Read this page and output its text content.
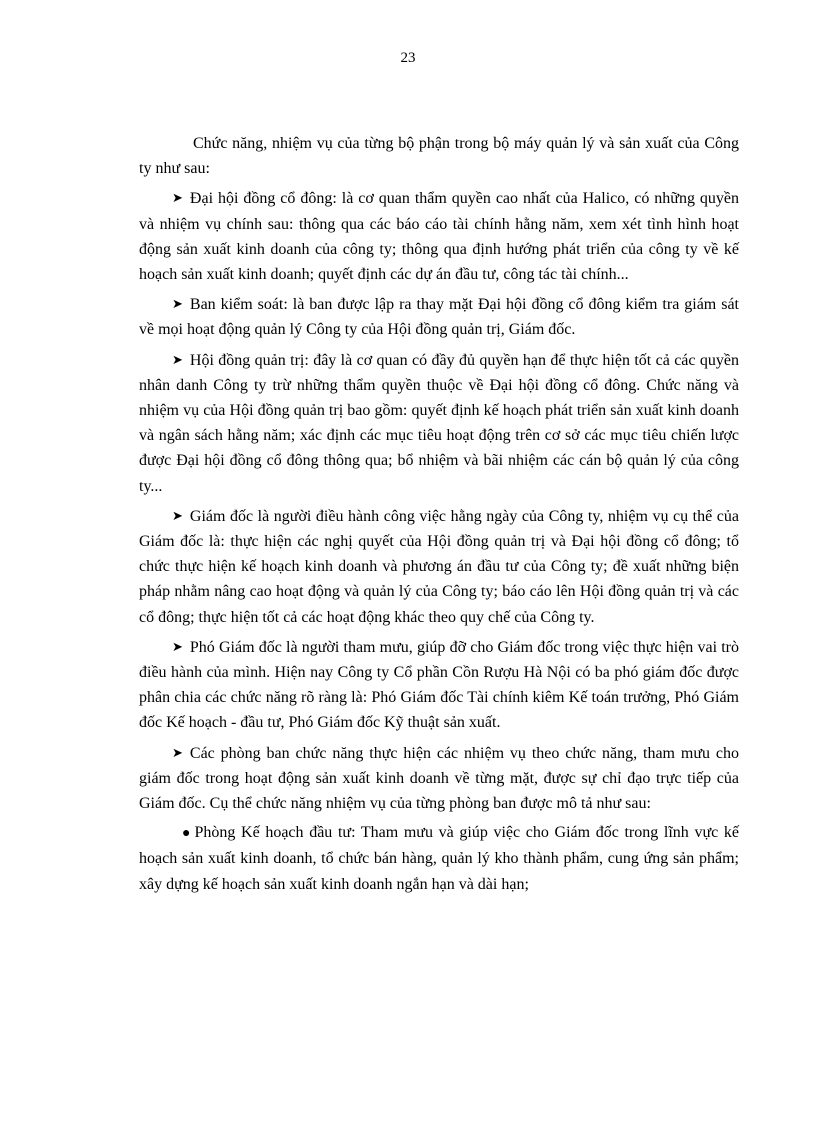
23

Chức năng, nhiệm vụ của từng bộ phận trong bộ máy quản lý và sản xuất của Công ty như sau:

➤ Đại hội đồng cổ đông: là cơ quan thẩm quyền cao nhất của Halico, có những quyền và nhiệm vụ chính sau: thông qua các báo cáo tài chính hằng năm, xem xét tình hình hoạt động sản xuất kinh doanh của công ty; thông qua định hướng phát triển của công ty về kế hoạch sản xuất kinh doanh; quyết định các dự án đầu tư, công tác tài chính...

➤ Ban kiểm soát: là ban được lập ra thay mặt Đại hội đồng cổ đông kiểm tra giám sát về mọi hoạt động quản lý Công ty của Hội đồng quản trị, Giám đốc.

➤ Hội đồng quản trị: đây là cơ quan có đầy đủ quyền hạn để thực hiện tốt cả các quyền nhân danh Công ty trừ những thẩm quyền thuộc về Đại hội đồng cổ đông. Chức năng và nhiệm vụ của Hội đồng quản trị bao gồm: quyết định kế hoạch phát triển sản xuất kinh doanh và ngân sách hằng năm; xác định các mục tiêu hoạt động trên cơ sở các mục tiêu chiến lược được Đại hội đồng cổ đông thông qua; bổ nhiệm và bãi nhiệm các cán bộ quản lý của công ty...

➤ Giám đốc là người điều hành công việc hằng ngày của Công ty, nhiệm vụ cụ thể của Giám đốc là: thực hiện các nghị quyết của Hội đồng quản trị và Đại hội đồng cổ đông; tổ chức thực hiện kế hoạch kinh doanh và phương án đầu tư của Công ty; đề xuất những biện pháp nhằm nâng cao hoạt động và quản lý của Công ty; báo cáo lên Hội đồng quản trị và các cổ đông; thực hiện tốt cả các hoạt động khác theo quy chế của Công ty.

➤ Phó Giám đốc là người tham mưu, giúp đỡ cho Giám đốc trong việc thực hiện vai trò điều hành của mình. Hiện nay Công ty Cổ phần Cồn Rượu Hà Nội có ba phó giám đốc được phân chia các chức năng rõ ràng là: Phó Giám đốc Tài chính kiêm Kế toán trưởng, Phó Giám đốc Kế hoạch - đầu tư, Phó Giám đốc Kỹ thuật sản xuất.

➤ Các phòng ban chức năng thực hiện các nhiệm vụ theo chức năng, tham mưu cho giám đốc trong hoạt động sản xuất kinh doanh về từng mặt, được sự chỉ đạo trực tiếp của Giám đốc. Cụ thể chức năng nhiệm vụ của từng phòng ban được mô tả như sau:

● Phòng Kế hoạch đầu tư: Tham mưu và giúp việc cho Giám đốc trong lĩnh vực kế hoạch sản xuất kinh doanh, tổ chức bán hàng, quản lý kho thành phẩm, cung ứng sản phẩm; xây dựng kế hoạch sản xuất kinh doanh ngắn hạn và dài hạn;
